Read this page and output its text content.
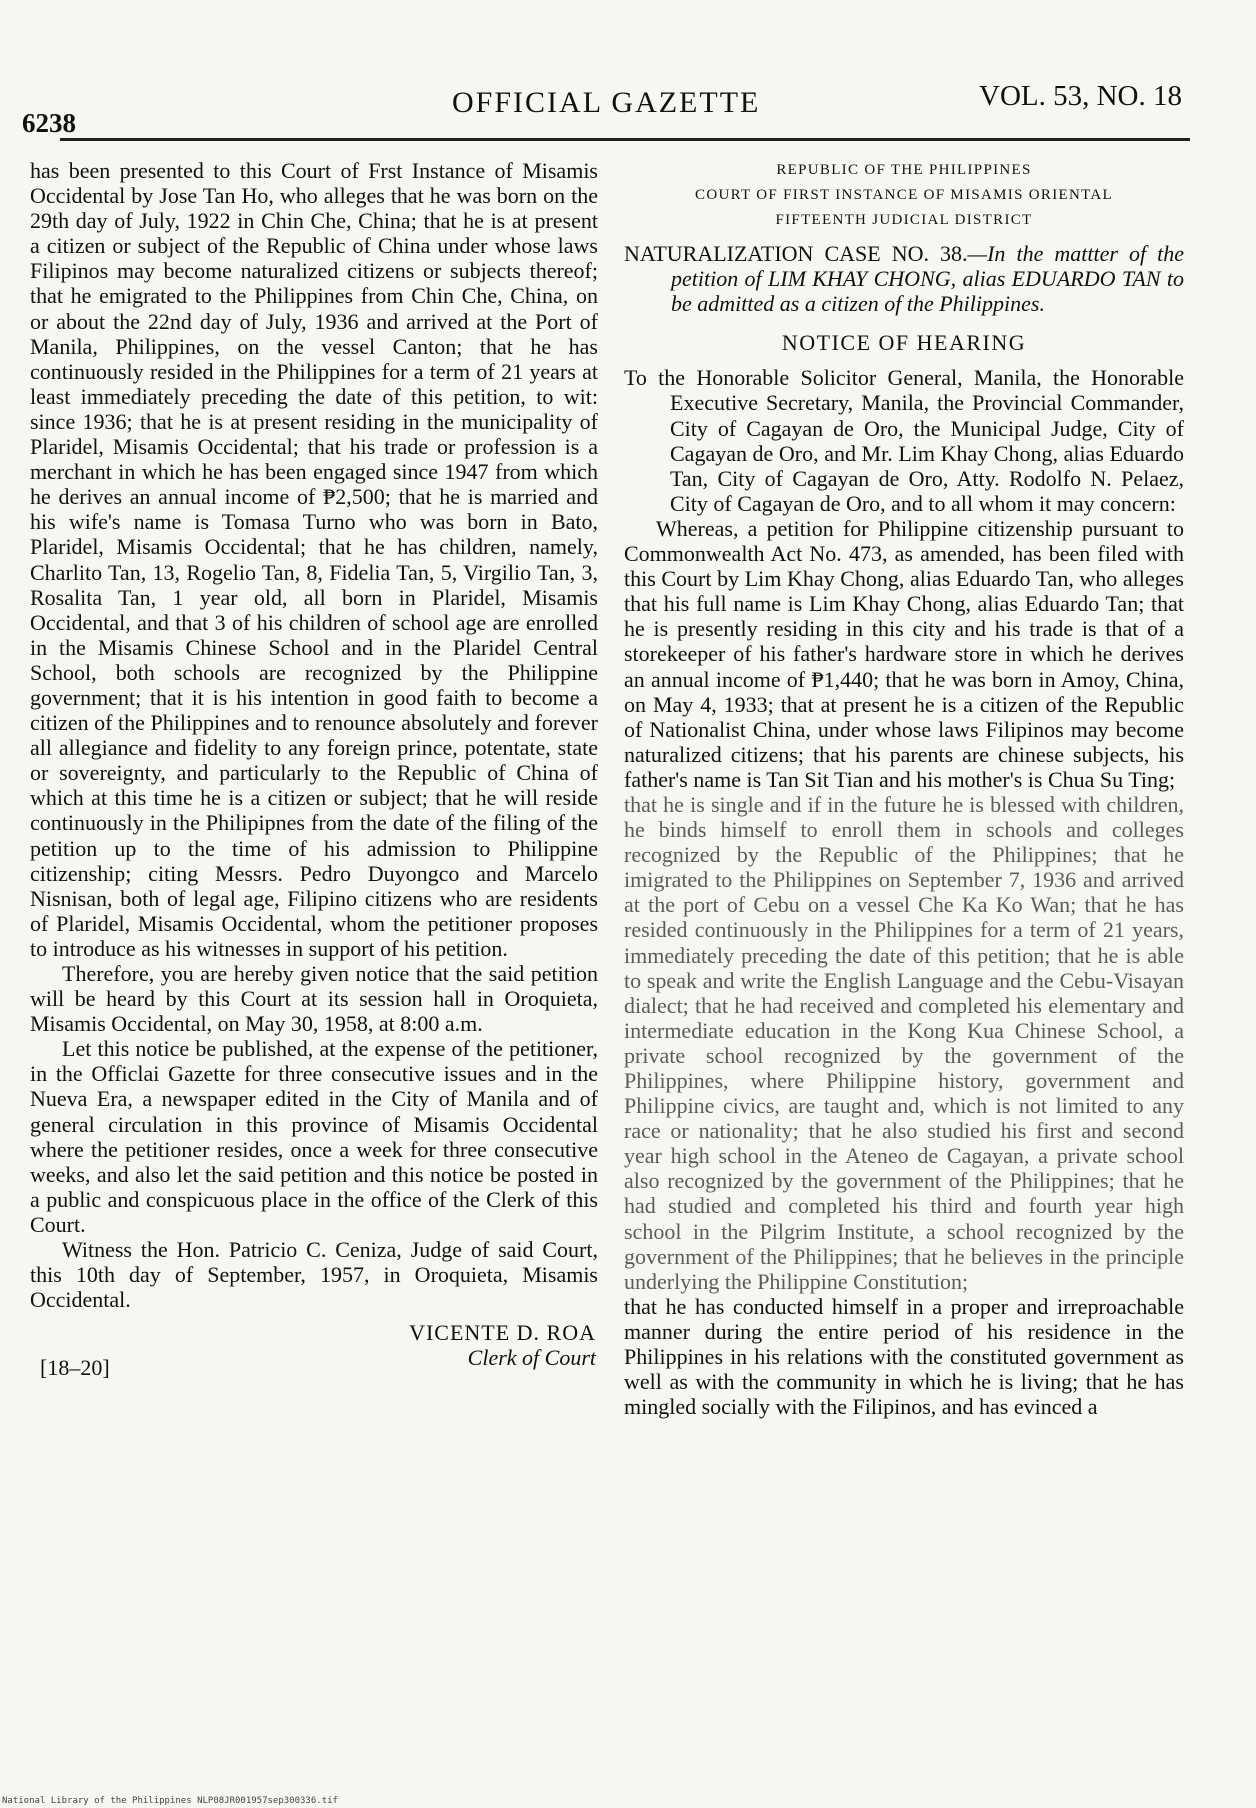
6238
OFFICIAL GAZETTE	VOL. 53, NO. 18

has been presented to this Court of Frst Instance of Misamis Occidental by Jose Tan Ho, who alleges that he was born on the 29th day of July, 1922 in Chin Che, China; that he is at present a citizen or subject of the Republic of China under whose laws Filipinos may become naturalized citizens or subjects thereof; that he emigrated to the Philippines from Chin Che, China, on or about the 22nd day of July, 1936 and arrived at the Port of Manila, Philippines, on the vessel Canton; that he has continuously resided in the Philippines for a term of 21 years at least immediately preceding the date of this petition, to wit: since 1936; that he is at present residing in the municipality of Plaridel, Misamis Occidental; that his trade or profession is a merchant in which he has been engaged since 1947 from which he derives an annual income of ₱2,500; that he is married and his wife's name is Tomasa Turno who was born in Bato, Plaridel, Misamis Occidental; that he has children, namely, Charlito Tan, 13, Rogelio Tan, 8, Fidelia Tan, 5, Virgilio Tan, 3, Rosalita Tan, 1 year old, all born in Plaridel, Misamis Occidental, and that 3 of his children of school age are enrolled in the Misamis Chinese School and in the Plaridel Central School, both schools are recognized by the Philippine government; that it is his intention in good faith to become a citizen of the Philippines and to renounce absolutely and forever all allegiance and fidelity to any foreign prince, potentate, state or sovereignty, and particularly to the Republic of China of which at this time he is a citizen or subject; that he will reside continuously in the Philipipnes from the date of the filing of the petition up to the time of his admission to Philippine citizenship; citing Messrs. Pedro Duyongco and Marcelo Nisnisan, both of legal age, Filipino citizens who are residents of Plaridel, Misamis Occidental, whom the petitioner proposes to introduce as his witnesses in support of his petition.

Therefore, you are hereby given notice that the said petition will be heard by this Court at its session hall in Oroquieta, Misamis Occidental, on May 30, 1958, at 8:00 a.m.

Let this notice be published, at the expense of the petitioner, in the Officlai Gazette for three consecutive issues and in the Nueva Era, a newspaper edited in the City of Manila and of general circulation in this province of Misamis Occidental where the petitioner resides, once a week for three consecutive weeks, and also let the said petition and this notice be posted in a public and conspicuous place in the office of the Clerk of this Court.

Witness the Hon. Patricio C. Ceniza, Judge of said Court, this 10th day of September, 1957, in Oroquieta, Misamis Occidental.

VICENTE D. ROA
Clerk of Court
[18–20]
REPUBLIC OF THE PHILIPPINES
COURT OF FIRST INSTANCE OF MISAMIS ORIENTAL
FIFTEENTH JUDICIAL DISTRICT

NATURALIZATION CASE NO. 38.—In the mattter of the petition of LIM KHAY CHONG, alias EDUARDO TAN to be admitted as a citizen of the Philippines.

NOTICE OF HEARING

To the Honorable Solicitor General, Manila, the Honorable Executive Secretary, Manila, the Provincial Commander, City of Cagayan de Oro, the Municipal Judge, City of Cagayan de Oro, and Mr. Lim Khay Chong, alias Eduardo Tan, City of Cagayan de Oro, Atty. Rodolfo N. Pelaez, City of Cagayan de Oro, and to all whom it may concern:

Whereas, a petition for Philippine citizenship pursuant to Commonwealth Act No. 473, as amended, has been filed with this Court by Lim Khay Chong, alias Eduardo Tan, who alleges that his full name is Lim Khay Chong, alias Eduardo Tan; that he is presently residing in this city and his trade is that of a storekeeper of his father's hardware store in which he derives an annual income of ₱1,440; that he was born in Amoy, China, on May 4, 1933; that at present he is a citizen of the Republic of Nationalist China, under whose laws Filipinos may become naturalized citizens; that his parents are chinese subjects, his father's name is Tan Sit Tian and his mother's is Chua Su Ting;

that he is single and if in the future he is blessed with children, he binds himself to enroll them in schools and colleges recognized by the Republic of the Philippines; that he imigrated to the Philippines on September 7, 1936 and arrived at the port of Cebu on a vessel Che Ka Ko Wan; that he has resided continuously in the Philippines for a term of 21 years, immediately preceding the date of this petition; that he is able to speak and write the English Language and the Cebu-Visayan dialect; that he had received and completed his elementary and intermediate education in the Kong Kua Chinese School, a private school recognized by the government of the Philippines, where Philippine history, government and Philippine civics, are taught and, which is not limited to any race or nationality; that he also studied his first and second year high school in the Ateneo de Cagayan, a private school also recognized by the government of the Philippines; that he had studied and completed his third and fourth year high school in the Pilgrim Institute, a school recognized by the government of the Philippines; that he believes in the principle underlying the Philippine Constitution;

that he has conducted himself in a proper and irreproachable manner during the entire period of his residence in the Philippines in his relations with the constituted government as well as with the community in which he is living; that he has mingled socially with the Filipinos, and has evinced a

National Library of the Philippines NLP08JR001957sep300336.tif
